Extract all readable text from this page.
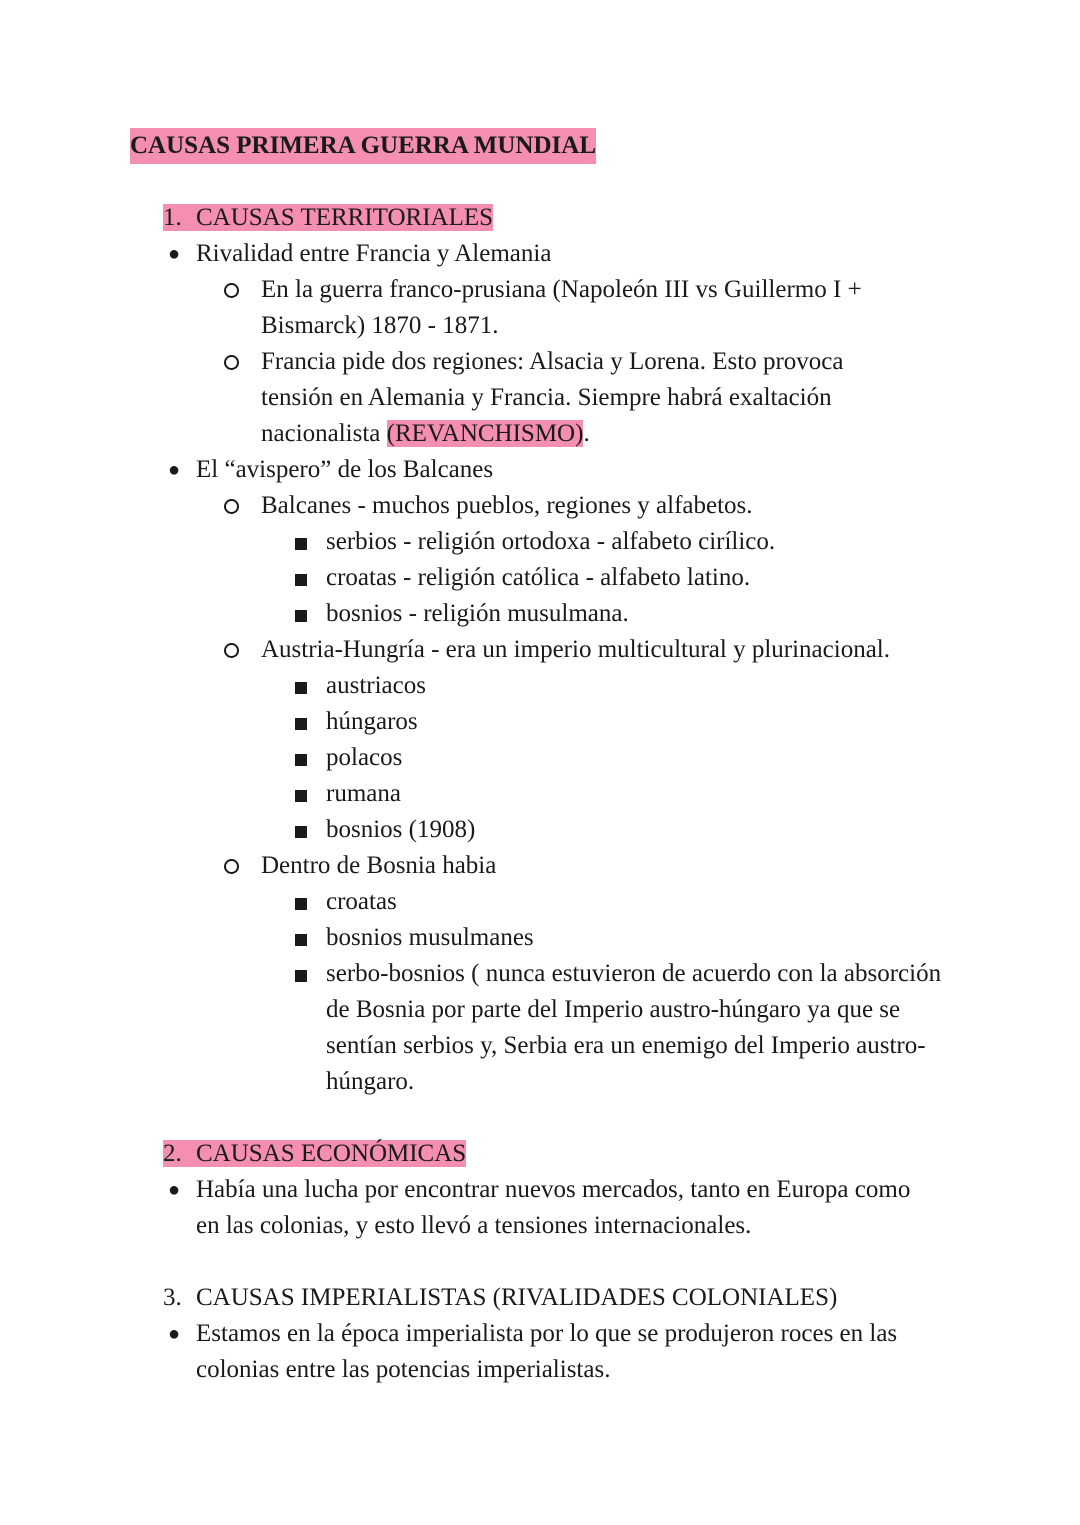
CAUSAS PRIMERA GUERRA MUNDIAL
1. CAUSAS TERRITORIALES
● Rivalidad entre Francia y Alemania
En la guerra franco-prusiana (Napoleón III vs Guillermo I + Bismarck) 1870 - 1871.
Francia pide dos regiones: Alsacia y Lorena. Esto provoca tensión en Alemania y Francia. Siempre habrá exaltación nacionalista (REVANCHISMO).
● El “avispero” de los Balcanes
Balcanes - muchos pueblos, regiones y alfabetos.
serbios - religión ortodoxa - alfabeto cirílico.
croatas - religión católica - alfabeto latino.
bosnios - religión musulmana.
Austria-Hungría - era un imperio multicultural y plurinacional.
austriacos
húngaros
polacos
rumana
bosnios (1908)
Dentro de Bosnia habia
croatas
bosnios musulmanes
serbo-bosnios ( nunca estuvieron de acuerdo con la absorción de Bosnia por parte del Imperio austro-húngaro ya que se sentían serbios y, Serbia era un enemigo del Imperio austro-húngaro.
2. CAUSAS ECONÓMICAS
● Había una lucha por encontrar nuevos mercados, tanto en Europa como en las colonias, y esto llevó a tensiones internacionales.
3. CAUSAS IMPERIALISTAS (RIVALIDADES COLONIALES)
● Estamos en la época imperialista por lo que se produjeron roces en las colonias entre las potencias imperialistas.
